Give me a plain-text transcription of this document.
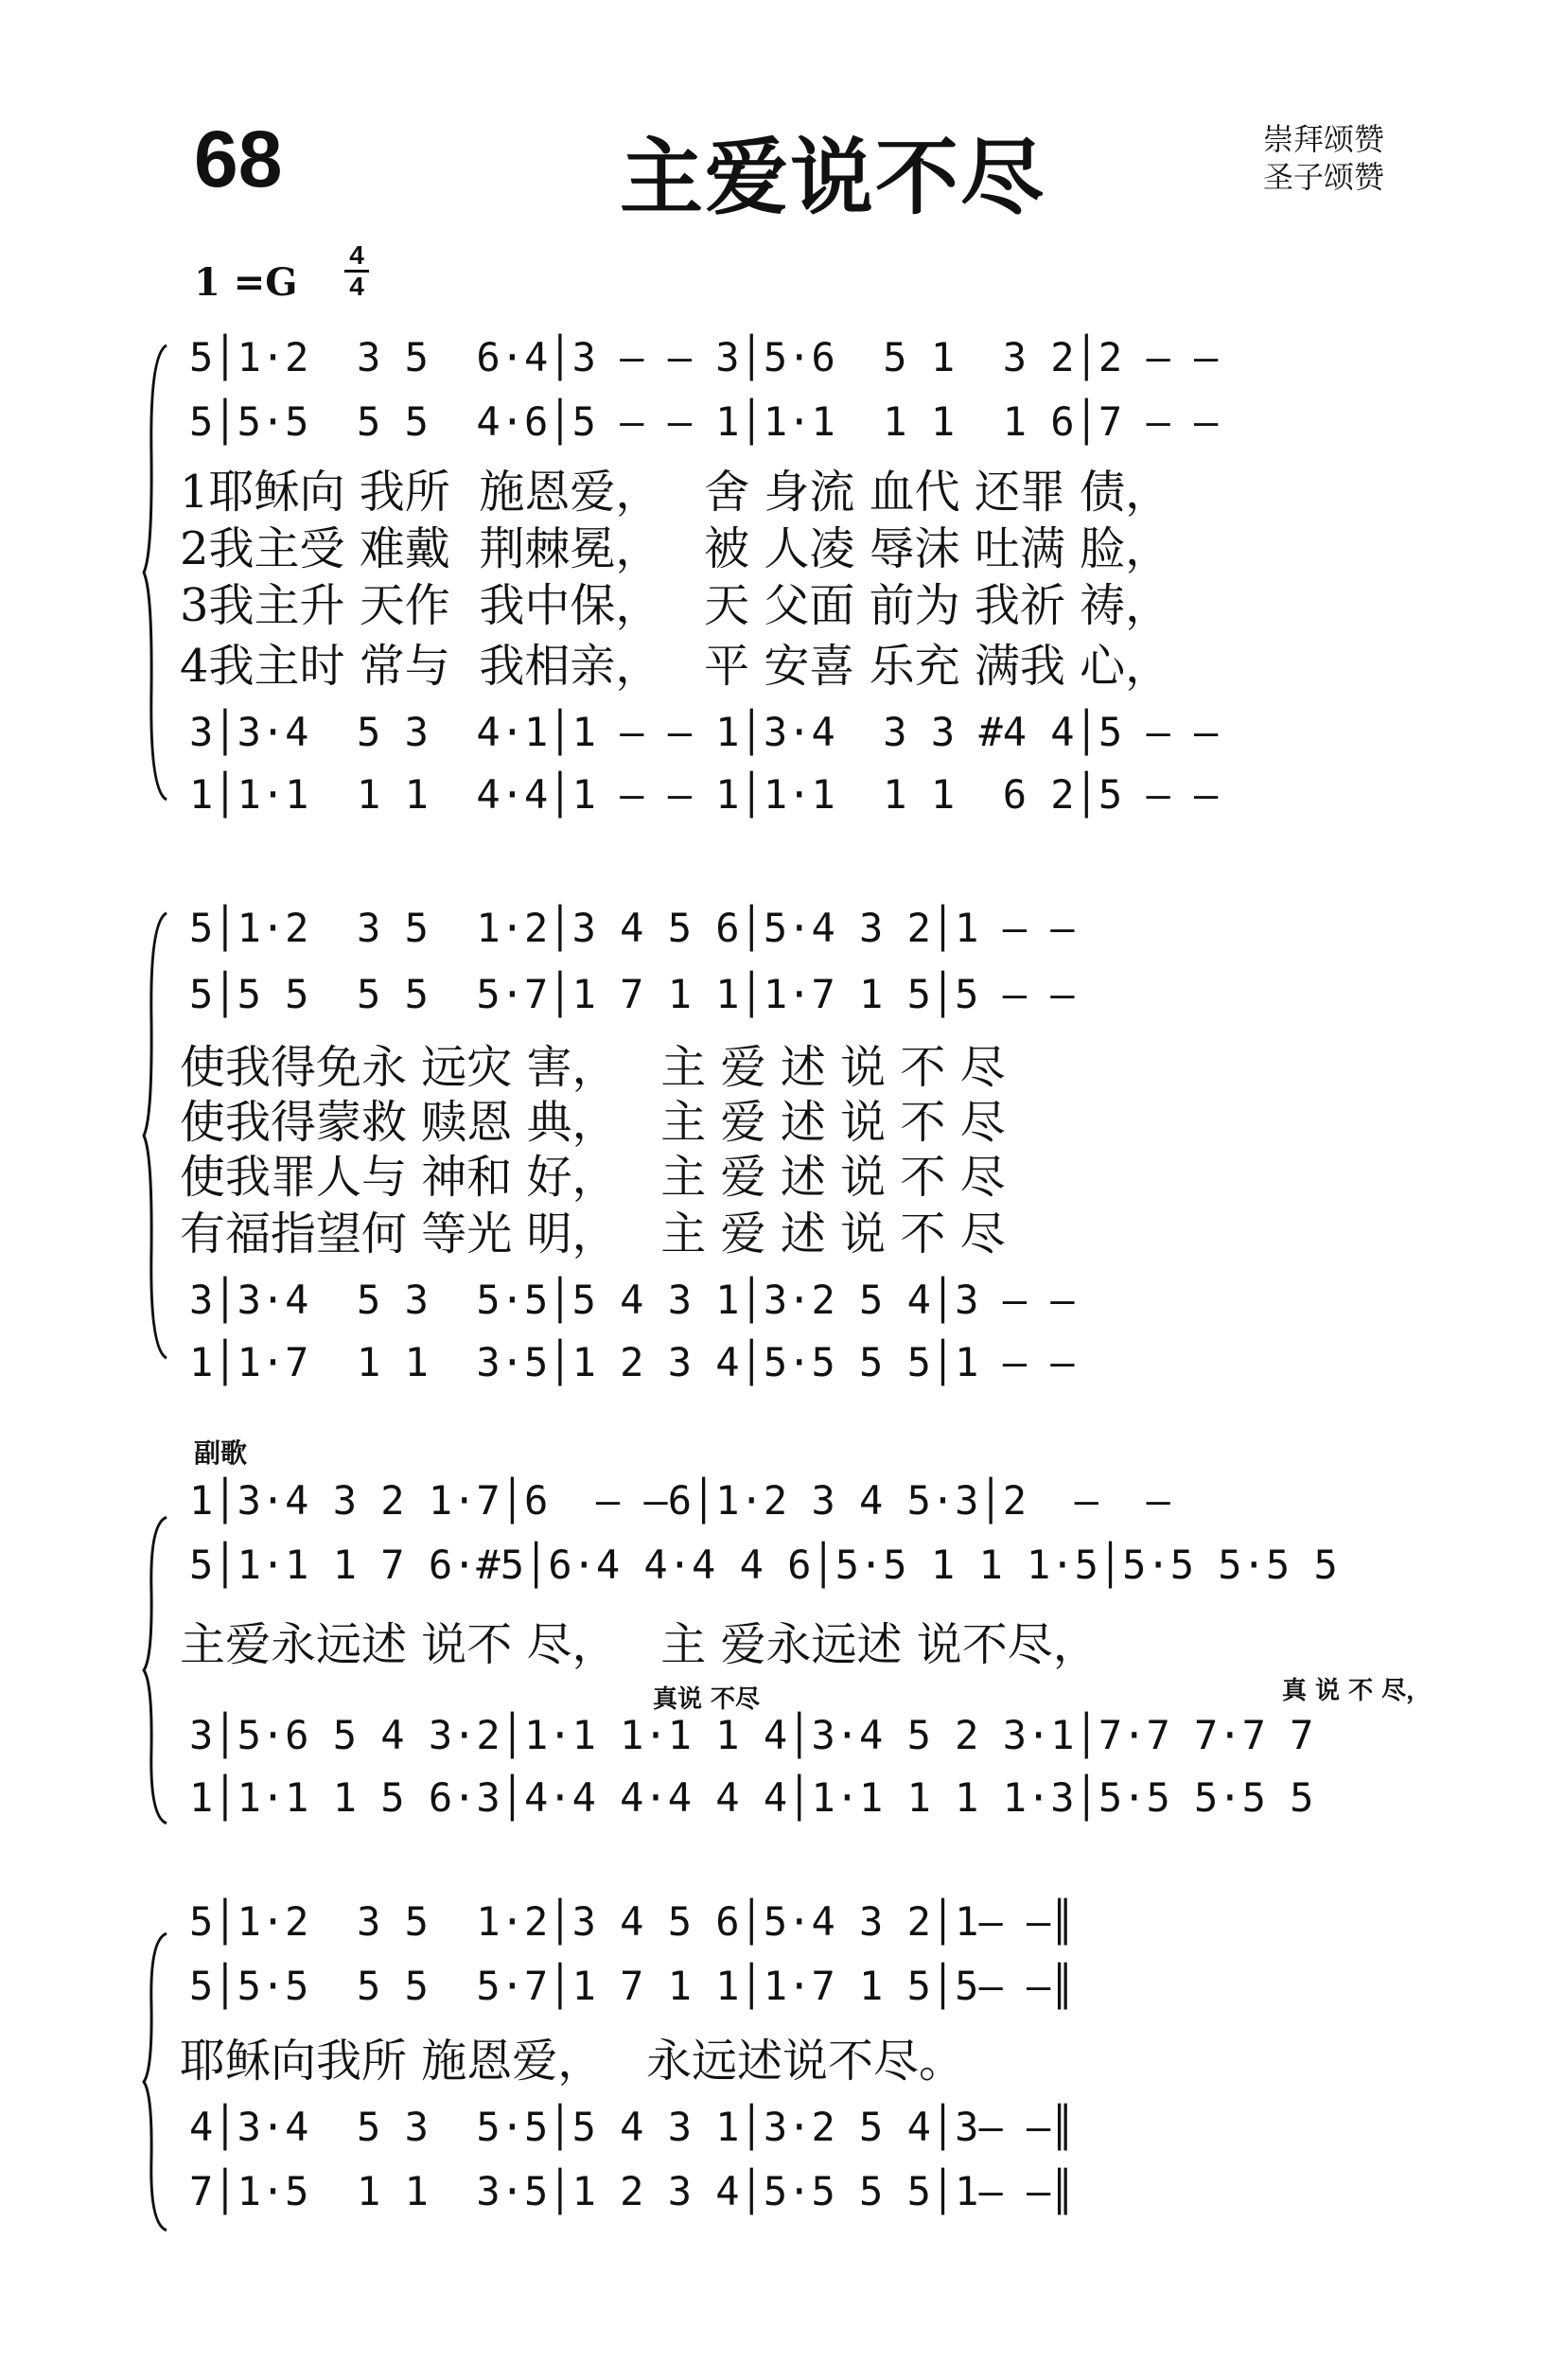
68	主爱说不尽	崇拜颂赞
圣子颂赞
1 =G
4
4
5│1·2  3 5  6·4│3 – – 3│5·6  5 1  3 2│2 – –
5│5·5  5 5  4·6│5 – – 1│1·1  1 1  1 6│7 – –
1耶稣向 我所  施恩爱，   舍 身流 血代 还罪 债，
2我主受 难戴  荆棘冕，   被 人凌 辱沫 吐满 脸，
3我主升 天作  我中保，   天 父面 前为 我祈 祷，
4我主时 常与  我相亲，   平 安喜 乐充 满我 心，
3│3·4  5 3  4·1│1 – – 1│3·4  3 3 #4 4│5 – –
1│1·1  1 1  4·4│1 – – 1│1·1  1 1  6 2│5 – –
5│1·2  3 5  1·2│3 4 5 6│5·4 3 2│1 – –
5│5 5  5 5  5·7│1 7 1 1│1·7 1 5│5 – –
使我得免永 远灾 害，   主 爱 述 说 不 尽
使我得蒙救 赎恩 典，   主 爱 述 说 不 尽
使我罪人与 神和 好，   主 爱 述 说 不 尽
有福指望何 等光 明，   主 爱 述 说 不 尽
3│3·4  5 3  5·5│5 4 3 1│3·2 5 4│3 – –
1│1·7  1 1  3·5│1 2 3 4│5·5 5 5│1 – –
副歌
1│3·4 3 2 1·7│6  – –6│1·2 3 4 5·3│2  –  –
5│1·1 1 7 6·#5│6·4 4·4 4 6│5·5 1 1 1·5│5·5 5·5 5
主爱永远述 说不 尽，   主 爱永远述 说不尽，
真说 不尽	真 说 不 尽，
3│5·6 5 4 3·2│1·1 1·1 1 4│3·4 5 2 3·1│7·7 7·7 7
1│1·1 1 5 6·3│4·4 4·4 4 4│1·1 1 1 1·3│5·5 5·5 5
5│1·2  3 5  1·2│3 4 5 6│5·4 3 2│1– –║
5│5·5  5 5  5·7│1 7 1 1│1·7 1 5│5– –║
耶稣向我所 施恩爱，   永远述说不尽。
4│3·4  5 3  5·5│5 4 3 1│3·2 5 4│3– –║
7│1·5  1 1  3·5│1 2 3 4│5·5 5 5│1– –║
